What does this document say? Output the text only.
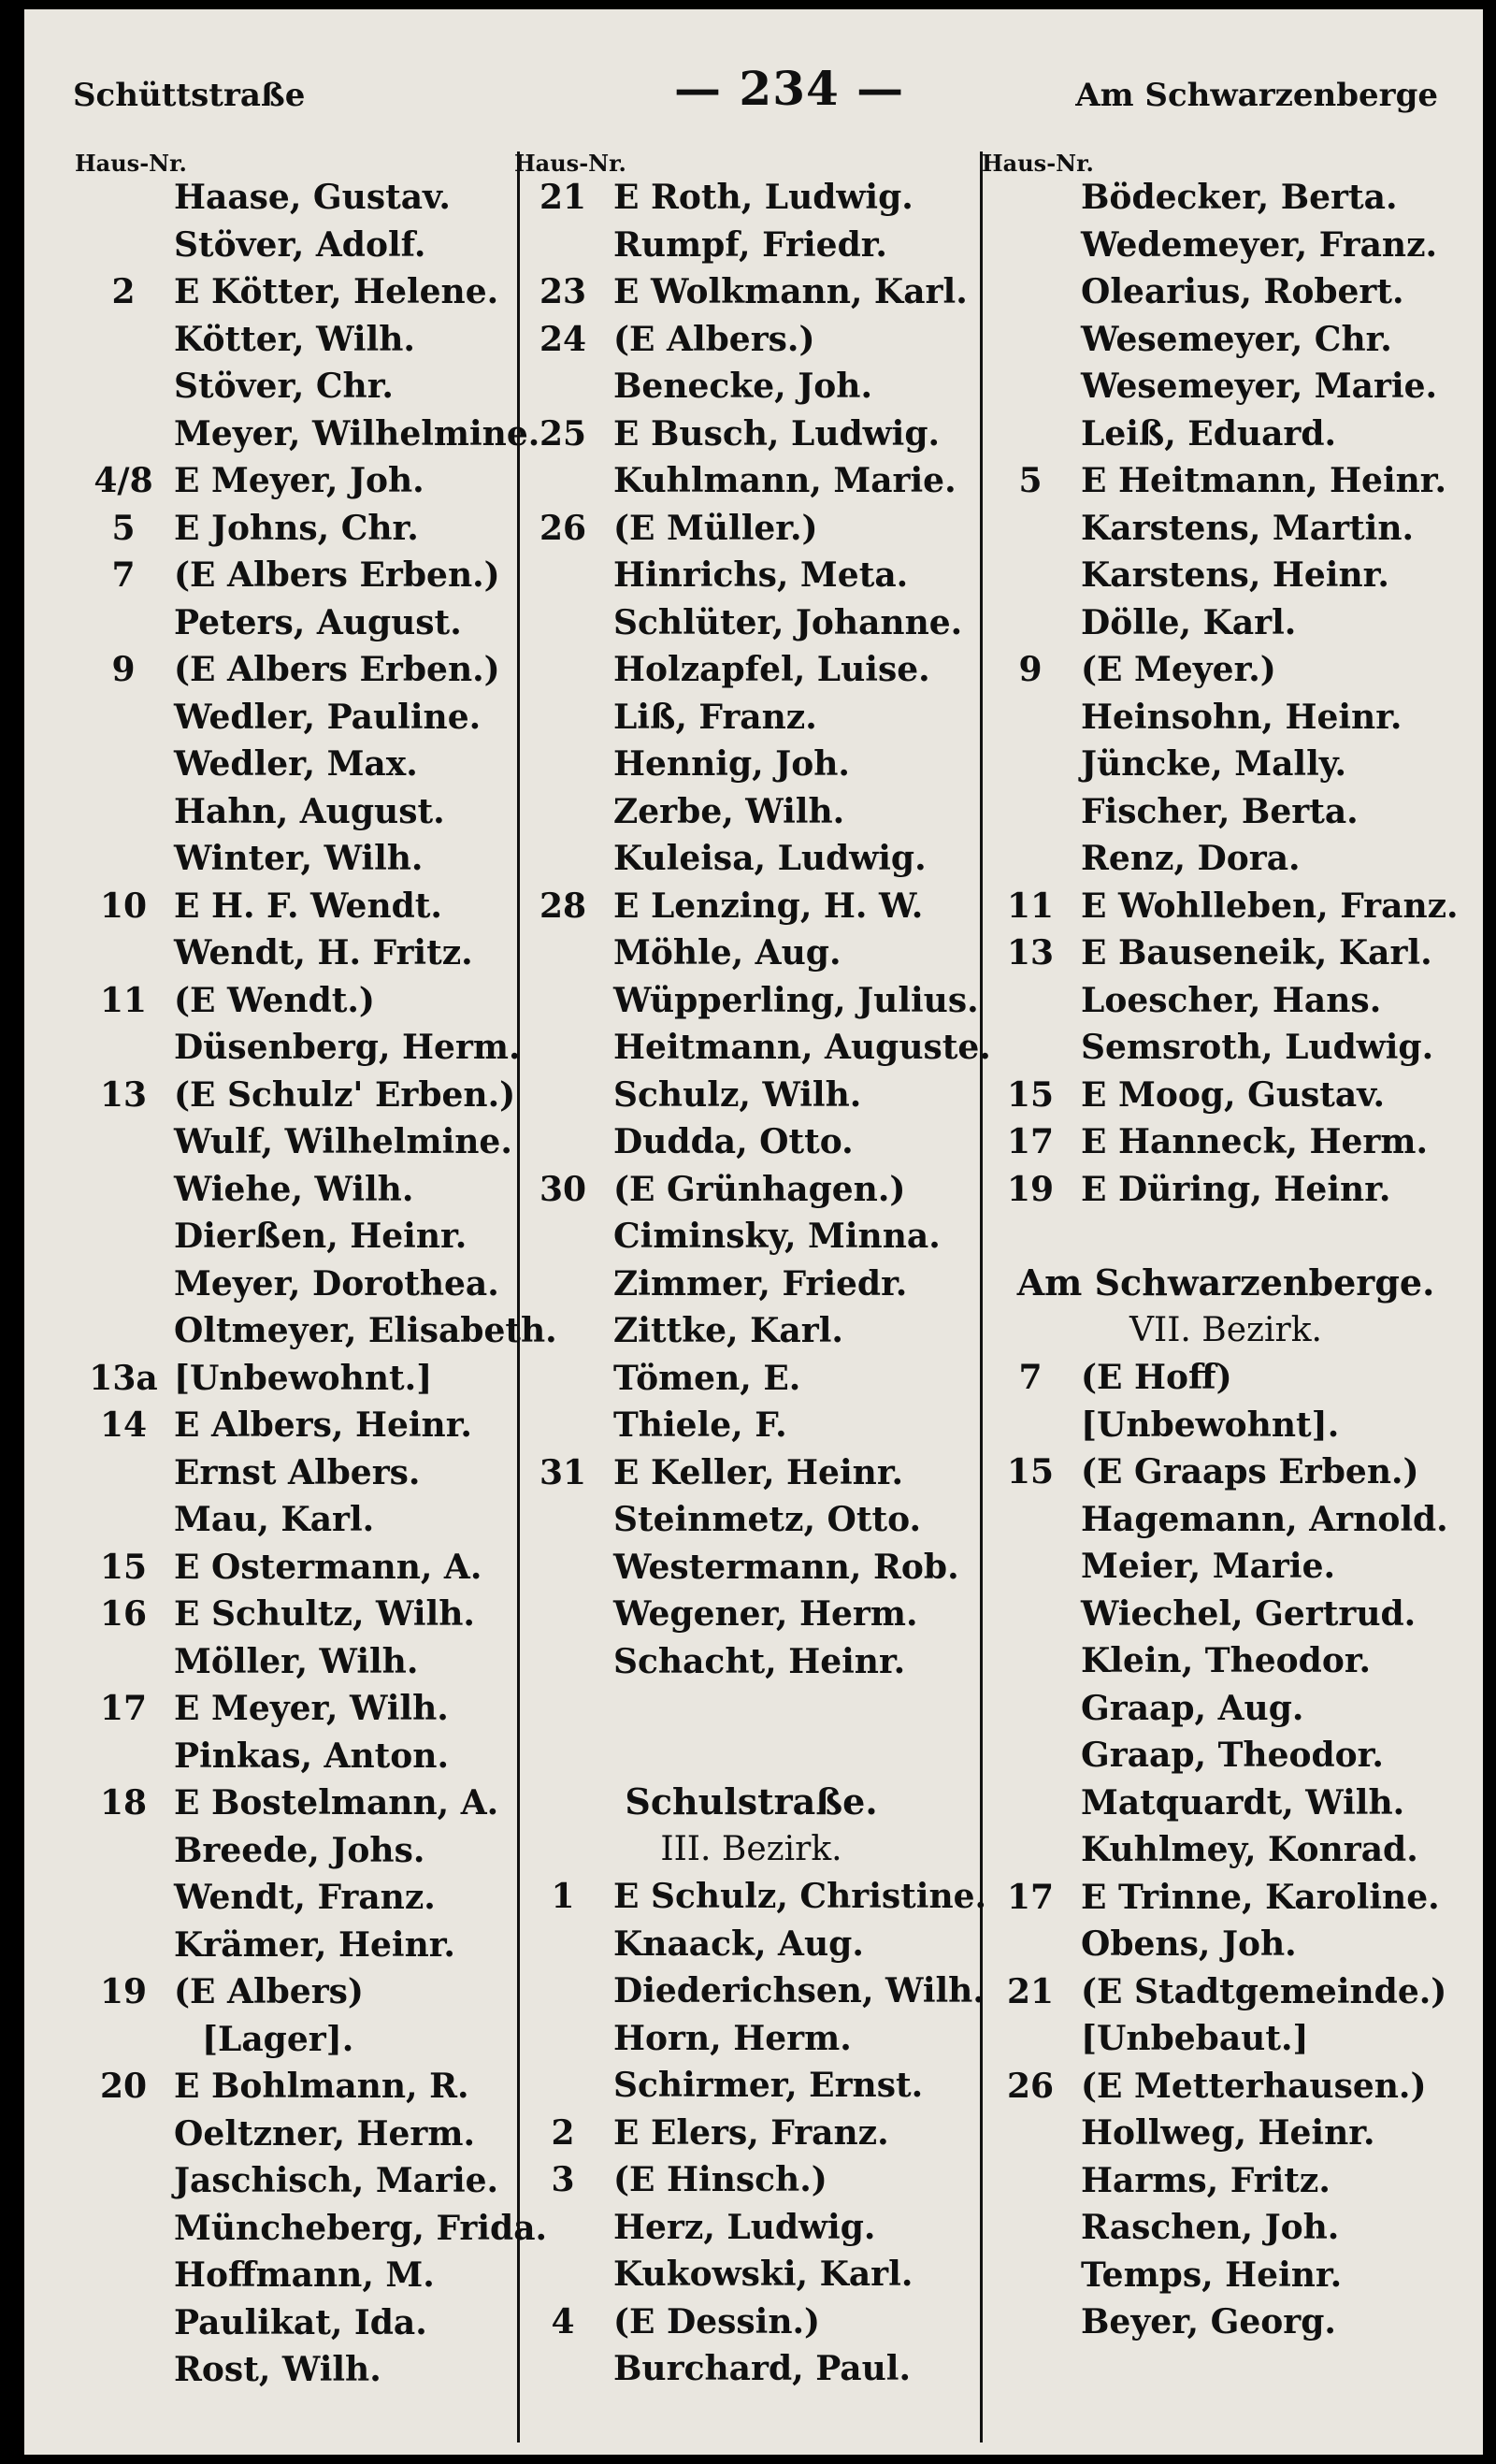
Schüttstraße	— 234 —	Am Schwarzenberge
Haus-Nr.
Haase, Gustav.
Stöver, Adolf.
2	E Kötter, Helene.
Kötter, Wilh.
Stöver, Chr.
Meyer, Wilhelmine.
4/8 E Meyer, Joh.
5	E Johns, Chr.
7	(E Albers Erben.)
Peters, August.
9	(E Albers Erben.)
Wedler, Pauline.
Wedler, Max.
Hahn, August.
Winter, Wilh.
10 E H. F. Wendt.
Wendt, H. Fritz.
11 (E Wendt.)
Düsenberg, Herm.
13 (E Schulz' Erben.)
Wulf, Wilhelmine.
Wiehe, Wilh.
Dierßen, Heinr.
Meyer, Dorothea.
Oltmeyer, Elisabeth.
13a [Unbewohnt.]
14 E Albers, Heinr.
Ernst Albers.
Mau, Karl.
15 E Ostermann, A.
16 E Schultz, Wilh.
Möller, Wilh.
17 E Meyer, Wilh.
Pinkas, Anton.
18 E Bostelmann, A.
Breede, Johs.
Wendt, Franz.
Krämer, Heinr.
19 (E Albers)
[Lager].
20 E Bohlmann, R.
Oeltzner, Herm.
Jaschisch, Marie.
Müncheberg, Frida.
Hoffmann, M.
Paulikat, Ida.
Rost, Wilh.
Haus-Nr.
21 E Roth, Ludwig.
Rumpf, Friedr.
23 E Wolkmann, Karl.
24 (E Albers.)
Benecke, Joh.
25 E Busch, Ludwig.
Kuhlmann, Marie.
26 (E Müller.)
Hinrichs, Meta.
Schlüter, Johanne.
Holzapfel, Luise.
Liß, Franz.
Hennig, Joh.
Zerbe, Wilh.
Kuleisa, Ludwig.
28 E Lenzing, H. W.
Möhle, Aug.
Wüpperling, Julius.
Heitmann, Auguste.
Schulz, Wilh.
Dudda, Otto.
30 (E Grünhagen.)
Ciminsky, Minna.
Zimmer, Friedr.
Zittke, Karl.
Tömen, E.
Thiele, F.
31 E Keller, Heinr.
Steinmetz, Otto.
Westermann, Rob.
Wegener, Herm.
Schacht, Heinr.
Schulstraße.
III. Bezirk.
1	E Schulz, Christine.
Knaack, Aug.
Diederichsen, Wilh.
Horn, Herm.
Schirmer, Ernst.
2	E Elers, Franz.
3	(E Hinsch.)
Herz, Ludwig.
Kukowski, Karl.
4	(E Dessin.)
Burchard, Paul.
Haus-Nr.
Bödecker, Berta.
Wedemeyer, Franz.
Olearius, Robert.
Wesemeyer, Chr.
Wesemeyer, Marie.
Leiß, Eduard.
5	E Heitmann, Heinr.
Karstens, Martin.
Karstens, Heinr.
Dölle, Karl.
9	(E Meyer.)
Heinsohn, Heinr.
Jüncke, Mally.
Fischer, Berta.
Renz, Dora.
11 E Wohlleben, Franz.
13 E Bauseneik, Karl.
Loescher, Hans.
Semsroth, Ludwig.
15 E Moog, Gustav.
17 E Hanneck, Herm.
19 E Düring, Heinr.
Am Schwarzenberge.
VII. Bezirk.
7	(E Hoff)
[Unbewohnt].
15 (E Graaps Erben.)
Hagemann, Arnold.
Meier, Marie.
Wiechel, Gertrud.
Klein, Theodor.
Graap, Aug.
Graap, Theodor.
Matquardt, Wilh.
Kuhlmey, Konrad.
17 E Trinne, Karoline.
Obens, Joh.
21 (E Stadtgemeinde.)
[Unbebaut.]
26 (E Metterhausen.)
Hollweg, Heinr.
Harms, Fritz.
Raschen, Joh.
Temps, Heinr.
Beyer, Georg.
